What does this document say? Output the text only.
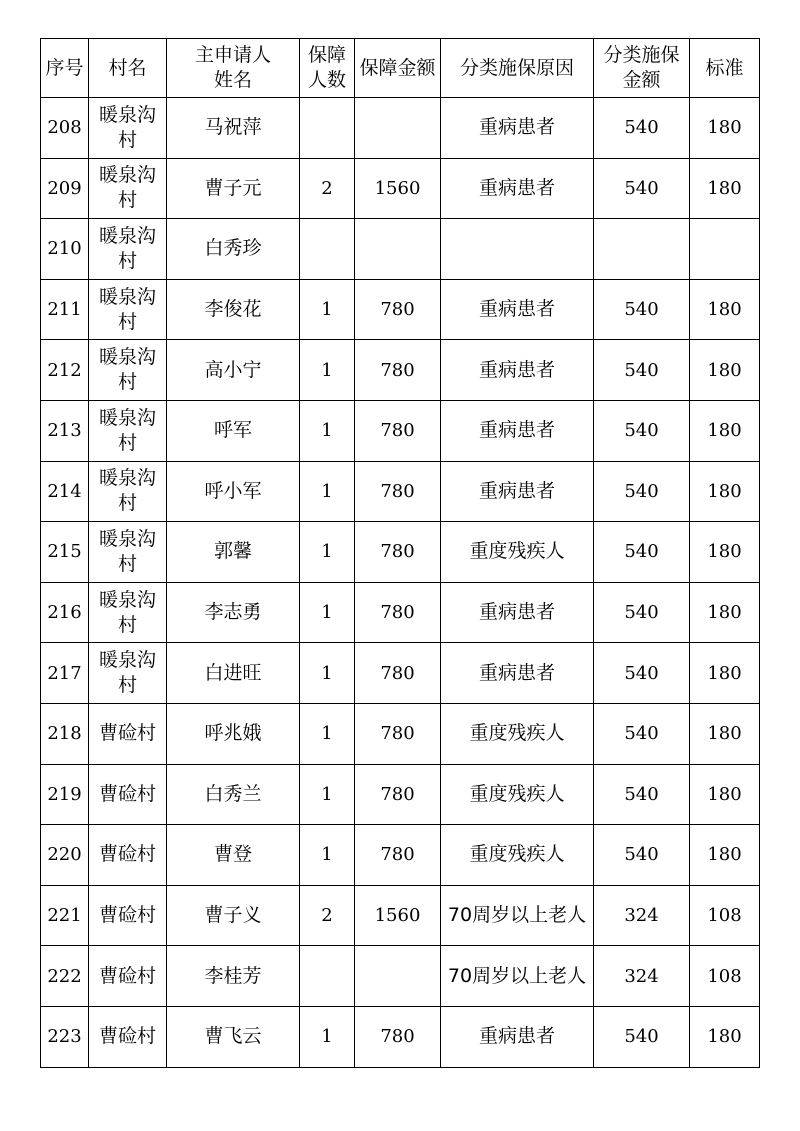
序号	村名	主申请人姓名	保障人数	保障金额	分类施保原因	分类施保金额	标准
208	暖泉沟村	马祝萍			重病患者	540	180
209	暖泉沟村	曹子元	2	1560	重病患者	540	180
210	暖泉沟村	白秀珍					
211	暖泉沟村	李俊花	1	780	重病患者	540	180
212	暖泉沟村	高小宁	1	780	重病患者	540	180
213	暖泉沟村	呼军	1	780	重病患者	540	180
214	暖泉沟村	呼小军	1	780	重病患者	540	180
215	暖泉沟村	郭馨	1	780	重度残疾人	540	180
216	暖泉沟村	李志勇	1	780	重病患者	540	180
217	暖泉沟村	白进旺	1	780	重病患者	540	180
218	曹硷村	呼兆娥	1	780	重度残疾人	540	180
219	曹硷村	白秀兰	1	780	重度残疾人	540	180
220	曹硷村	曹登	1	780	重度残疾人	540	180
221	曹硷村	曹子义	2	1560	70周岁以上老人	324	108
222	曹硷村	李桂芳			70周岁以上老人	324	108
223	曹硷村	曹飞云	1	780	重病患者	540	180
